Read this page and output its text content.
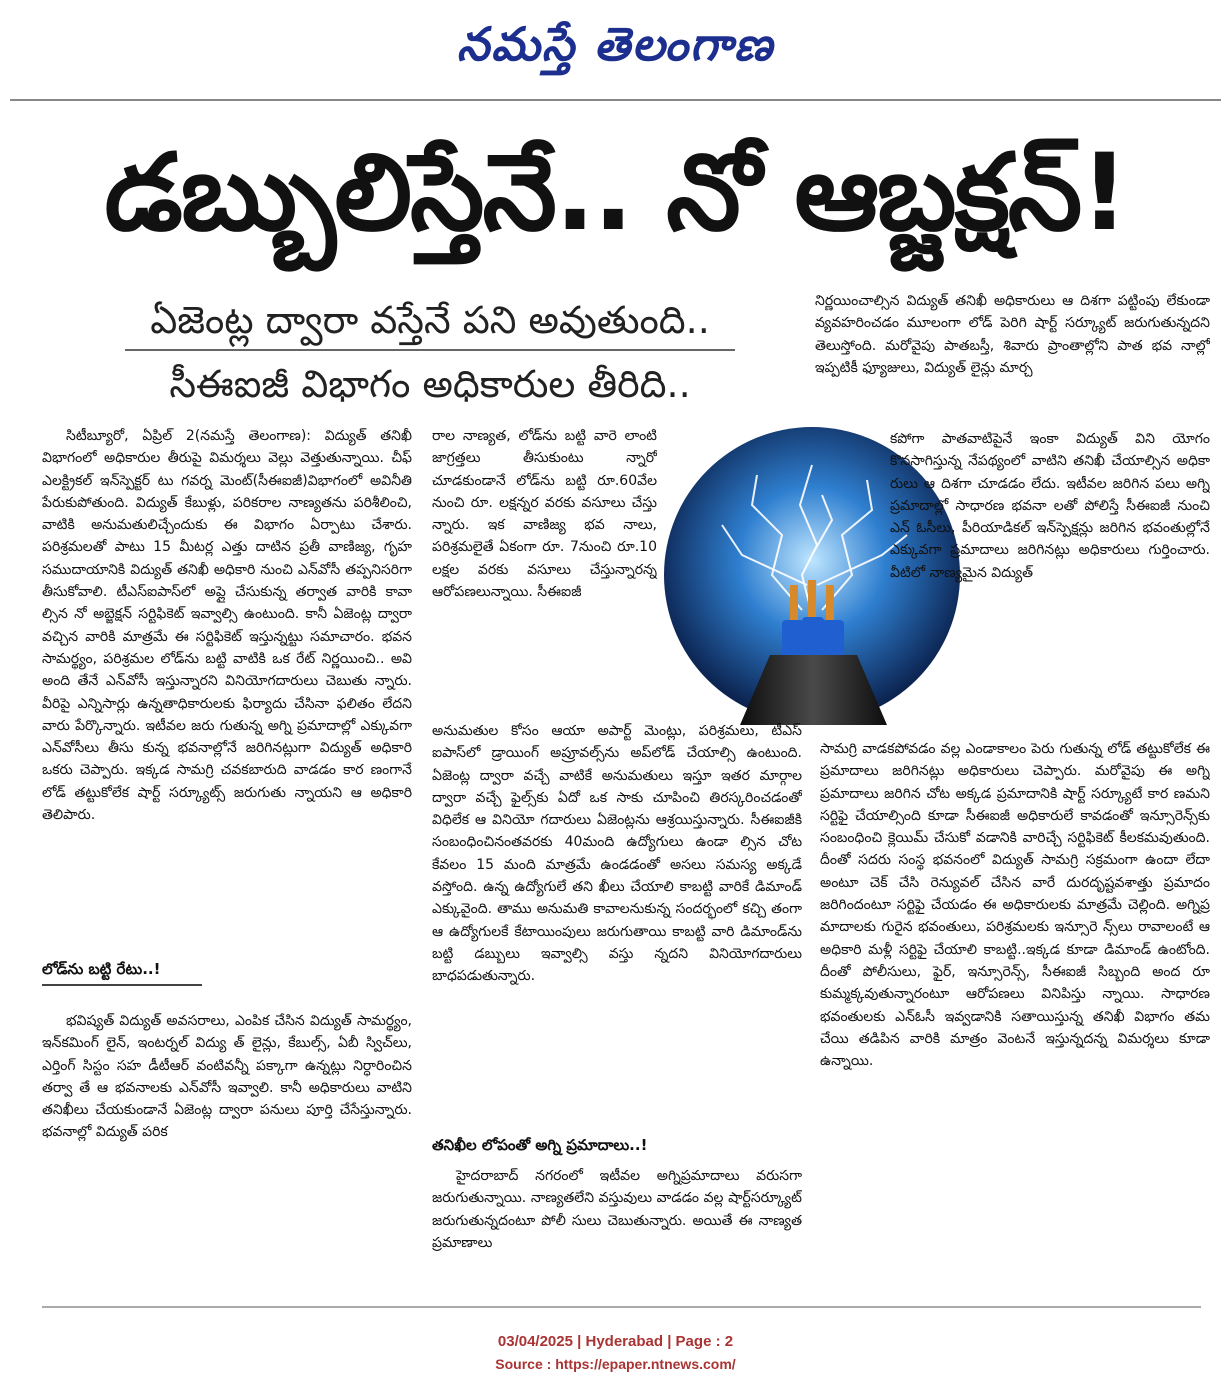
నమస్తే తెలంగాణ
డబ్బులిస్తేనే.. నో ఆబ్జక్షన్!
ఏజెంట్ల ద్వారా వస్తేనే పని అవుతుంది..
సీఈఐజీ విభాగం అధికారుల తీరిది..

సిటీబ్యూరో, ఏప్రిల్ 2(నమస్తే తెలంగాణ): విద్యుత్ తనిఖీ విభాగంలో అధికారుల తీరుపై విమర్శలు వెల్లు వెత్తుతున్నాయి. చీఫ్ ఎలక్ట్రికల్ ఇన్‌స్పెక్టర్ టు గవర్న మెంట్(సీఈఐజీ)విభాగంలో అవినీతి పేరుకుపోతుంది. విద్యుత్ కేబుళ్లు, పరికరాల నాణ్యతను పరిశీలించి, వాటికి అనుమతులిచ్చేందుకు ఈ విభాగం ఏర్పాటు చేశారు. పరిశ్రమలతో పాటు 15 మీటర్ల ఎత్తు దాటిన ప్రతీ వాణిజ్య, గృహ సముదాయానికి విద్యుత్ తనిఖీ అధికారి నుంచి ఎన్‌వోసీ తప్పనిసరిగా తీసుకోవాలి. టీఎస్‌ఐపాస్‌లో అప్లై చేసుకున్న తర్వాత వారికి కావా ల్సిన నో అబ్జెక్షన్ సర్టిఫికెట్ ఇవ్వాల్సి ఉంటుంది. కానీ ఏజెంట్ల ద్వారా వచ్చిన వారికి మాత్రమే ఈ సర్టిఫికెట్ ఇస్తున్నట్టు సమాచారం. భవన సామర్థ్యం, పరిశ్రమల లోడ్‌ను బట్టి వాటికి ఒక రేట్ నిర్ణయించి.. అవి అంది తేనే ఎన్‌వోసీ ఇస్తున్నారని వినియోగదారులు చెబుతు న్నారు. వీరిపై ఎన్నిసార్లు ఉన్నతాధికారులకు ఫిర్యాదు చేసినా ఫలితం లేదని వారు పేర్కొన్నారు. ఇటీవల జరు గుతున్న అగ్ని ప్రమాదాల్లో ఎక్కువగా ఎన్‌వోసీలు తీసు కున్న భవనాల్లోనే జరిగినట్లుగా విద్యుత్ అధికారి ఒకరు చెప్పారు. ఇక్కడ సామగ్రి చవకబారుది వాడడం కార ణంగానే లోడ్ తట్టుకోలేక షార్ట్ సర్క్యూట్స్ జరుగుతు న్నాయని ఆ అధికారి తెలిపారు.

లోడ్‌ను బట్టి రేటు..!

భవిష్యత్ విద్యుత్ అవసరాలు, ఎంపిక చేసిన విద్యుత్ సామర్థ్యం, ఇన్‌కమింగ్ లైన్, ఇంటర్నల్ విద్యు త్ లైన్లు, కేబుల్స్, ఏబీ స్విచ్‌లు, ఎర్తింగ్ సిస్టం సహ డీటీఆర్ వంటివన్నీ పక్కాగా ఉన్నట్లు నిర్ధారించిన తర్వా తే ఆ భవనాలకు ఎన్‌వోసీ ఇవ్వాలి. కానీ అధికారులు వాటిని తనిఖీలు చేయకుండానే ఏజెంట్ల ద్వారా పనులు పూర్తి చేసేస్తున్నారు. భవనాల్లో విద్యుత్ పరిక

రాల నాణ్యత, లోడ్‌ను బట్టి వారె లాంటి జాగ్రత్తలు తీసుకుంటు న్నారో చూడకుండానే లోడ్‌ను బట్టి రూ.60వేల నుంచి రూ. లక్షన్నర వరకు వసూలు చేస్తు న్నారు. ఇక వాణిజ్య భవ నాలు, పరిశ్రమలైతే ఏకంగా రూ. 7నుంచి రూ.10 లక్షల వరకు వసూలు చేస్తున్నారన్న ఆరోపణలున్నాయి. సీఈఐజీ

అనుమతుల కోసం ఆయా అపార్ట్ మెంట్లు, పరిశ్రమలు, టీఎస్ ఐపాస్‌లో డ్రాయింగ్ అప్రూవల్స్‌ను అప్‌లోడ్ చేయాల్సి ఉంటుంది. ఏజెంట్ల ద్వారా వచ్చే వాటికే అనుమతులు ఇస్తూ ఇతర మార్గాల ద్వారా వచ్చే ఫైల్స్‌కు ఏదో ఒక సాకు చూపించి తిరస్కరించడంతో విధిలేక ఆ వినియో గదారులు ఏజెంట్లను ఆశ్రయిస్తున్నారు. సీఈఐజీకి సంబంధించినంతవరకు 40మంది ఉద్యోగులు ఉండా ల్సిన చోట కేవలం 15 మంది మాత్రమే ఉండడంతో అసలు సమస్య అక్కడే వస్తోంది. ఉన్న ఉద్యోగులే తని ఖీలు చేయాలి కాబట్టి వారికే డిమాండ్ ఎక్కువైంది. తాము అనుమతి కావాలనుకున్న సందర్భంలో కచ్చి తంగా ఆ ఉద్యోగులకే కేటాయింపులు జరుగుతాయి కాబట్టి వారి డిమాండ్‌ను బట్టి డబ్బులు ఇవ్వాల్సి వస్తు న్నదని వినియోగదారులు బాధపడుతున్నారు.

తనిఖీల లోపంతో అగ్ని ప్రమాదాలు..!

హైదరాబాద్ నగరంలో ఇటీవల అగ్నిప్రమాదాలు వరుసగా జరుగుతున్నాయి. నాణ్యతలేని వస్తువులు వాడడం వల్ల షార్ట్‌సర్క్యూట్ జరుగుతున్నదంటూ పోలీ సులు చెబుతున్నారు. అయితే ఈ నాణ్యత ప్రమాణాలు

నిర్ణయించాల్సిన విద్యుత్ తనిఖీ అధికారులు ఆ దిశగా పట్టింపు లేకుండా వ్యవహరించడం మూలంగా లోడ్ పెరిగి షార్ట్ సర్క్యూట్ జరుగుతున్నదని తెలుస్తోంది. మరోవైపు పాతబస్తీ, శివారు ప్రాంతాల్లోని పాత భవ నాల్లో ఇప్పటికీ ఫ్యూజులు, విద్యుత్ లైన్లు మార్చ

కపోగా పాతవాటిపైనే ఇంకా విద్యుత్ విని యోగం కొనసాగిస్తున్న నేపథ్యంలో వాటిని తనిఖీ చేయాల్సిన అధికా రులు ఆ దిశగా చూడడం లేదు. ఇటీవల జరిగిన పలు అగ్ని ప్రమాదాల్లో సాధారణ భవనా లతో పోలిస్తే సీఈఐజీ నుంచి ఎన్ ఓసీలు, పీరియాడికల్ ఇన్‌స్పెక్షన్లు జరిగిన భవంతుల్లోనే ఎక్కువగా ప్రమాదాలు జరిగినట్లు అధికారులు గుర్తించారు. వీటిలో నాణ్యమైన విద్యుత్

సామగ్రి వాడకపోవడం వల్ల ఎండాకాలం పెరు గుతున్న లోడ్ తట్టుకోలేక ఈ ప్రమాదాలు జరిగినట్లు అధికారులు చెప్పారు. మరోవైపు ఈ అగ్ని ప్రమాదాలు జరిగిన చోట అక్కడ ప్రమాదానికి షార్ట్ సర్క్యూటే కార ణమని సర్టిఫై చేయాల్సింది కూడా సీఈఐజీ అధికారులే కావడంతో ఇన్సూరెన్స్‌కు సంబంధించి క్లెయిమ్ చేసుకో వడానికి వారిచ్చే సర్టిఫికెట్ కీలకమవుతుంది. దీంతో సదరు సంస్థ భవనంలో విద్యుత్ సామగ్రి సక్రమంగా ఉందా లేదా అంటూ చెక్ చేసి రెన్యువల్ చేసిన వారే దురదృష్టవశాత్తు ప్రమాదం జరిగిందంటూ సర్టిఫై చేయడం ఈ అధికారులకు మాత్రమే చెల్లింది. అగ్నిప్ర మాదాలకు గురైన భవంతులు, పరిశ్రమలకు ఇన్సూరె న్స్‌లు రావాలంటే ఆ అధికారి మళ్లీ సర్టిఫై చేయాలి కాబట్టి..ఇక్కడ కూడా డిమాండ్ ఉంటోంది. దీంతో పోలీసులు, ఫైర్, ఇన్సూరెన్స్, సీఈఐజీ సిబ్బంది అంద రూ కుమ్మక్కవుతున్నారంటూ ఆరోపణలు వినిపిస్తు న్నాయి. సాధారణ భవంతులకు ఎన్‌ఓసీ ఇవ్వడానికి సతాయిస్తున్న తనిఖీ విభాగం తమ చేయి తడిపిన వారికి మాత్రం వెంటనే ఇస్తున్నదన్న విమర్శలు కూడా ఉన్నాయి.

03/04/2025 | Hyderabad | Page : 2
Source : https://epaper.ntnews.com/
